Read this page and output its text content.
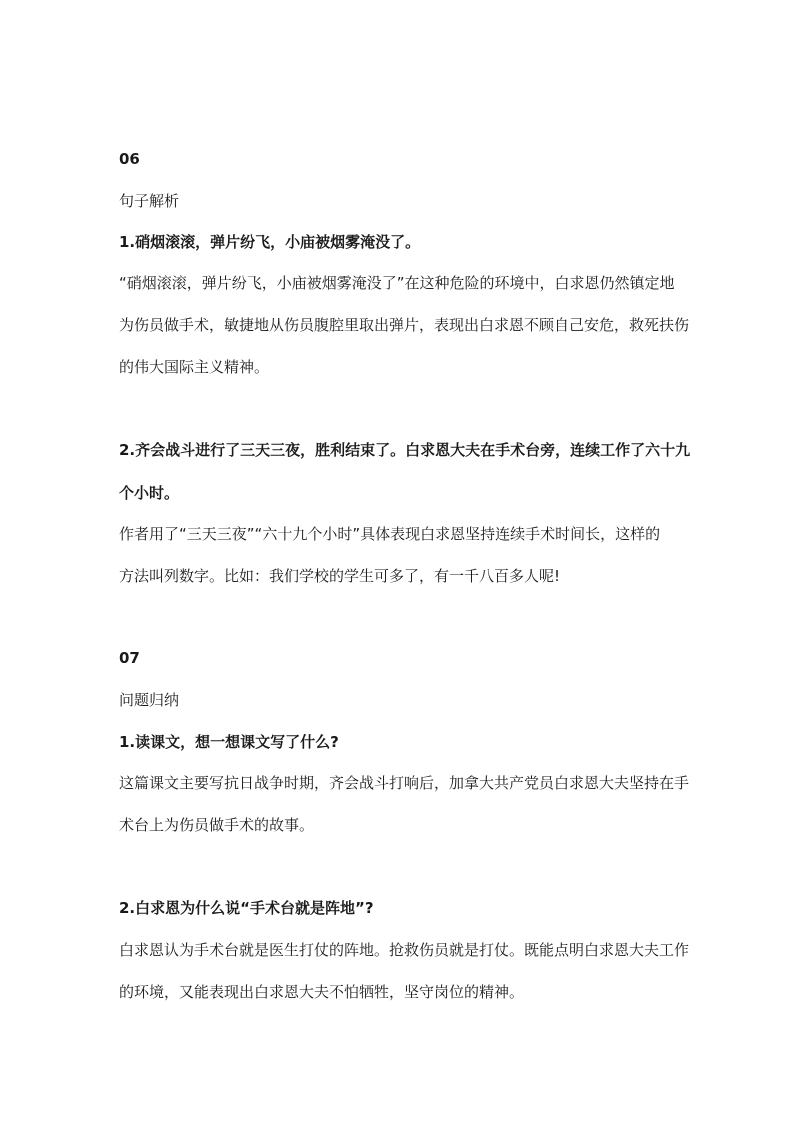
06
句子解析
1.硝烟滚滚，弹片纷飞，小庙被烟雾淹没了。
“硝烟滚滚，弹片纷飞，小庙被烟雾淹没了”在这种危险的环境中，白求恩仍然镇定地
为伤员做手术，敏捷地从伤员腹腔里取出弹片，表现出白求恩不顾自己安危，救死扶伤
的伟大国际主义精神。
2.齐会战斗进行了三天三夜，胜利结束了。白求恩大夫在手术台旁，连续工作了六十九
个小时。
作者用了“三天三夜”“六十九个小时”具体表现白求恩坚持连续手术时间长，这样的
方法叫列数字。比如：我们学校的学生可多了，有一千八百多人呢!
07
问题归纳
1.读课文，想一想课文写了什么?
这篇课文主要写抗日战争时期，齐会战斗打响后，加拿大共产党员白求恩大夫坚持在手
术台上为伤员做手术的故事。
2.白求恩为什么说“手术台就是阵地”?
白求恩认为手术台就是医生打仗的阵地。抢救伤员就是打仗。既能点明白求恩大夫工作
的环境，又能表现出白求恩大夫不怕牺牲，坚守岗位的精神。
